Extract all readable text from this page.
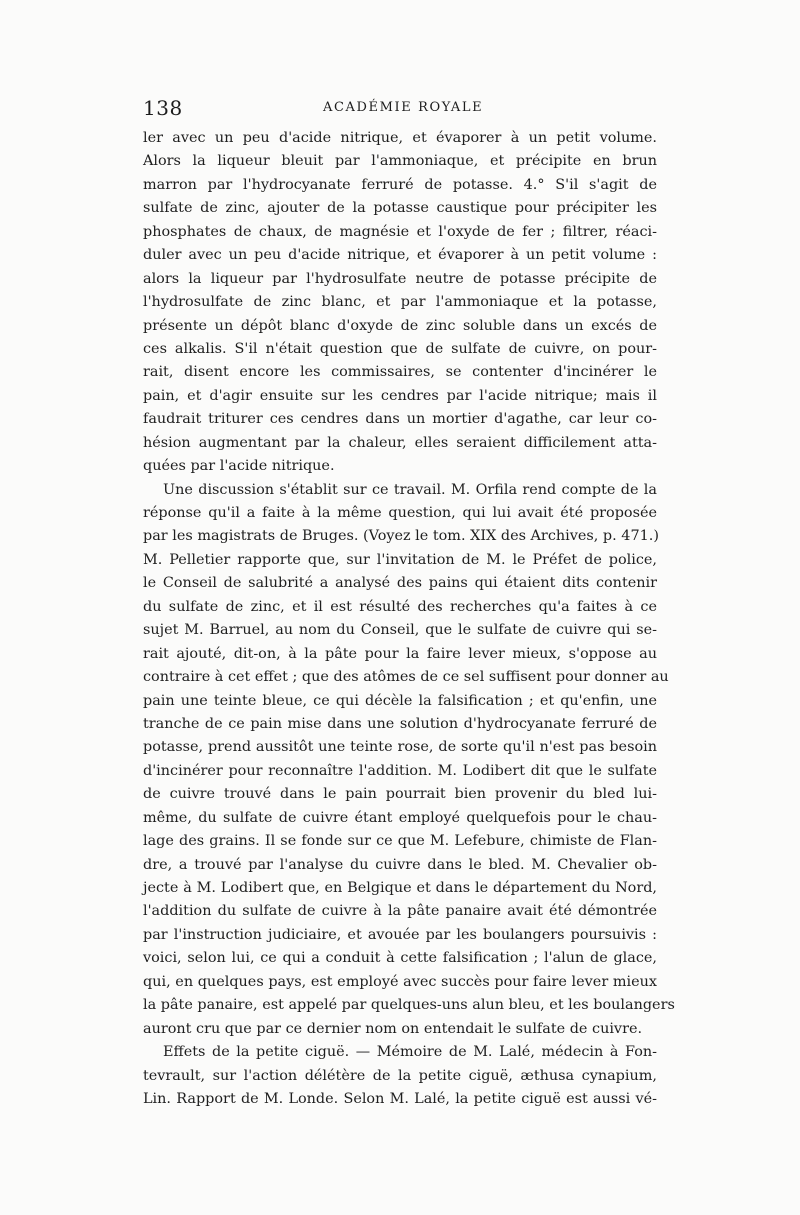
138	ACADÉMIE ROYALE
ler avec un peu d'acide nitrique, et évaporer à un petit volume.
Alors la liqueur bleuit par l'ammoniaque, et précipite en brun
marron par l'hydrocyanate ferruré de potasse. 4.° S'il s'agit de
sulfate de zinc, ajouter de la potasse caustique pour précipiter les
phosphates de chaux, de magnésie et l'oxyde de fer ; filtrer, réaci-
duler avec un peu d'acide nitrique, et évaporer à un petit volume :
alors la liqueur par l'hydrosulfate neutre de potasse précipite de
l'hydrosulfate de zinc blanc, et par l'ammoniaque et la potasse,
présente un dépôt blanc d'oxyde de zinc soluble dans un excés de
ces alkalis. S'il n'était question que de sulfate de cuivre, on pour-
rait, disent encore les commissaires, se contenter d'incinérer le
pain, et d'agir ensuite sur les cendres par l'acide nitrique; mais il
faudrait triturer ces cendres dans un mortier d'agathe, car leur co-
hésion augmentant par la chaleur, elles seraient difficilement atta-
quées par l'acide nitrique.
Une discussion s'établit sur ce travail. M. Orfila rend compte de la
réponse qu'il a faite à la même question, qui lui avait été proposée
par les magistrats de Bruges. (Voyez le tom. XIX des Archives, p. 471.)
M. Pelletier rapporte que, sur l'invitation de M. le Préfet de police,
le Conseil de salubrité a analysé des pains qui étaient dits contenir
du sulfate de zinc, et il est résulté des recherches qu'a faites à ce
sujet M. Barruel, au nom du Conseil, que le sulfate de cuivre qui se-
rait ajouté, dit-on, à la pâte pour la faire lever mieux, s'oppose au
contraire à cet effet ; que des atômes de ce sel suffisent pour donner au
pain une teinte bleue, ce qui décèle la falsification ; et qu'enfin, une
tranche de ce pain mise dans une solution d'hydrocyanate ferruré de
potasse, prend aussitôt une teinte rose, de sorte qu'il n'est pas besoin
d'incinérer pour reconnaître l'addition. M. Lodibert dit que le sulfate
de cuivre trouvé dans le pain pourrait bien provenir du bled lui-
même, du sulfate de cuivre étant employé quelquefois pour le chau-
lage des grains. Il se fonde sur ce que M. Lefebure, chimiste de Flan-
dre, a trouvé par l'analyse du cuivre dans le bled. M. Chevalier ob-
jecte à M. Lodibert que, en Belgique et dans le département du Nord,
l'addition du sulfate de cuivre à la pâte panaire avait été démontrée
par l'instruction judiciaire, et avouée par les boulangers poursuivis :
voici, selon lui, ce qui a conduit à cette falsification ; l'alun de glace,
qui, en quelques pays, est employé avec succès pour faire lever mieux
la pâte panaire, est appelé par quelques-uns alun bleu, et les boulangers
auront cru que par ce dernier nom on entendait le sulfate de cuivre.
Effets de la petite ciguë. — Mémoire de M. Lalé, médecin à Fon-
tevrault, sur l'action délétère de la petite ciguë, æthusa cynapium,
Lin. Rapport de M. Londe. Selon M. Lalé, la petite ciguë est aussi vé-
